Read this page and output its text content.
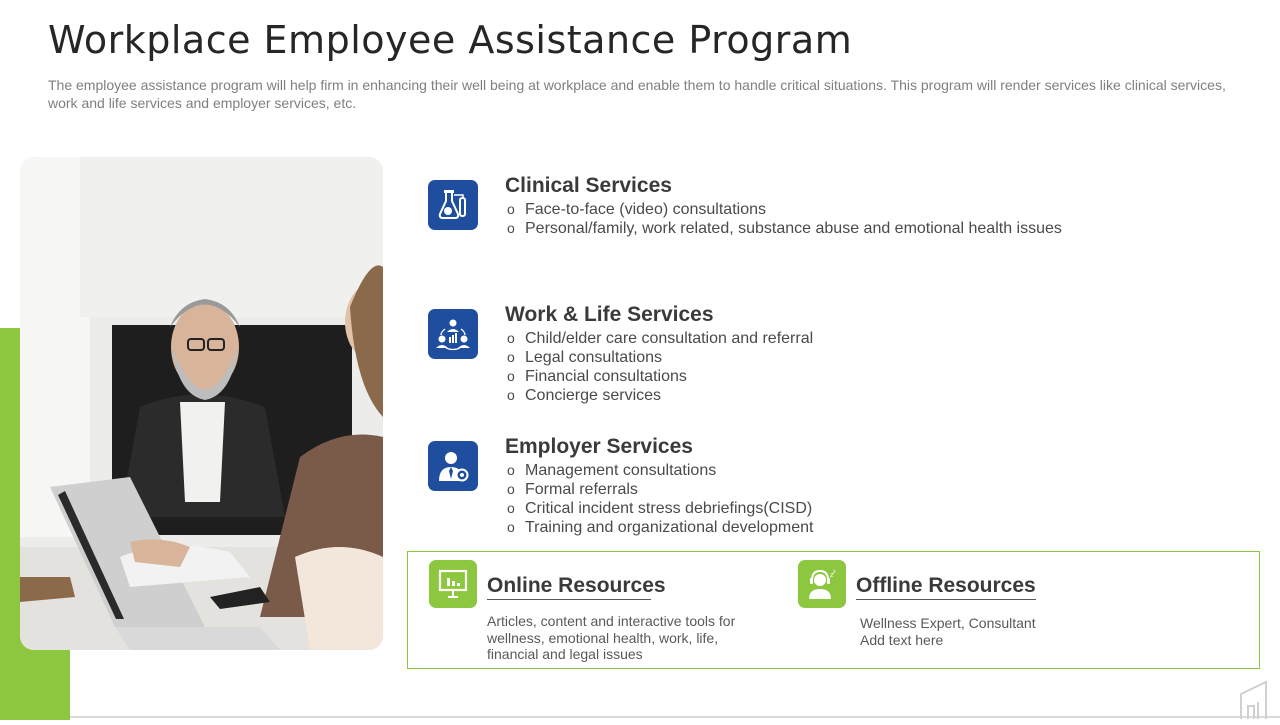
Workplace Employee Assistance Program

The employee assistance program will help firm in enhancing their well being at workplace and enable them to handle critical situations. This program will render services like clinical services, work and life services and employer services, etc.

Clinical Services
o Face-to-face (video) consultations
o Personal/family, work related, substance abuse and emotional health issues
Work & Life Services
o Child/elder care consultation and referral
o Legal consultations
o Financial consultations
o Concierge services
Employer Services
o Management consultations
o Formal referrals
o Critical incident stress debriefings(CISD)
o Training and organizational development
Online Resources

Articles, content and interactive tools for wellness, emotional health, work, life, financial and legal issues

z z
Offline Resources

Wellness Expert, Consultant
Add text here
